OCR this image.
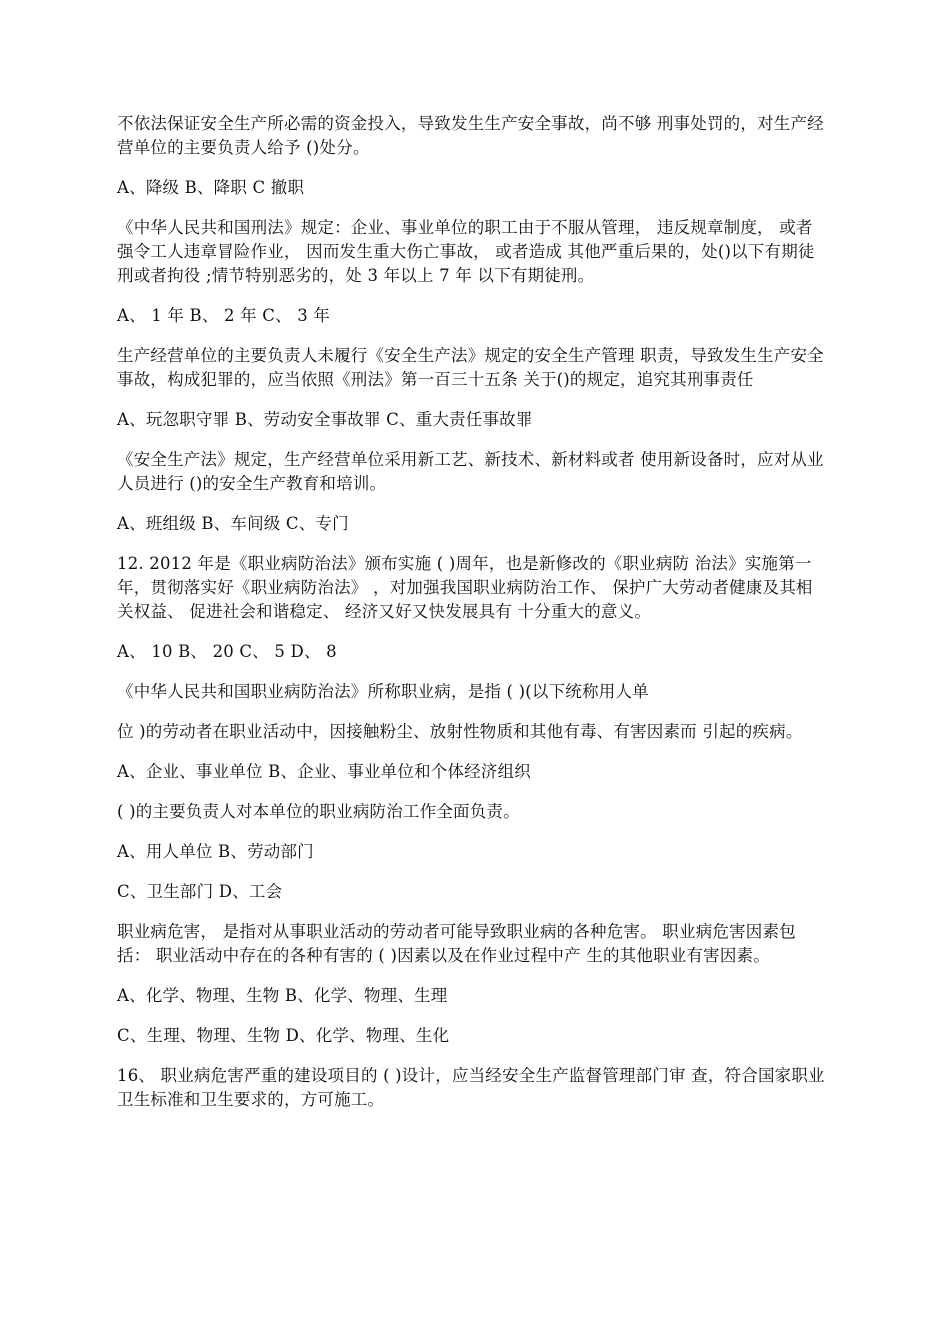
不依法保证安全生产所必需的资金投入，导致发生生产安全事故，尚不够 刑事处罚的，对生产经营单位的主要负责人给予 ()处分。

A、降级 B、降职 C 撤职

《中华人民共和国刑法》规定：企业、事业单位的职工由于不服从管理， 违反规章制度， 或者强令工人违章冒险作业， 因而发生重大伤亡事故， 或者造成 其他严重后果的，处()以下有期徒刑或者拘役 ;情节特别恶劣的，处 3 年以上 7 年 以下有期徒刑。

A、 1 年 B、 2 年 C、 3 年

生产经营单位的主要负责人未履行《安全生产法》规定的安全生产管理 职责，导致发生生产安全事故，构成犯罪的，应当依照《刑法》第一百三十五条 关于()的规定，追究其刑事责任

A、玩忽职守罪 B、劳动安全事故罪 C、重大责任事故罪

《安全生产法》规定，生产经营单位采用新工艺、新技术、新材料或者 使用新设备时，应对从业人员进行 ()的安全生产教育和培训。

A、班组级 B、车间级 C、专门

12. 2012 年是《职业病防治法》颁布实施 ( )周年，也是新修改的《职业病防 治法》实施第一年，贯彻落实好《职业病防治法》 ，对加强我国职业病防治工作、 保护广大劳动者健康及其相关权益、 促进社会和谐稳定、 经济又好又快发展具有 十分重大的意义。

A、 10 B、 20 C、 5 D、 8

《中华人民共和国职业病防治法》所称职业病，是指 ( )(以下统称用人单

位 )的劳动者在职业活动中，因接触粉尘、放射性物质和其他有毒、有害因素而 引起的疾病。

A、企业、事业单位 B、企业、事业单位和个体经济组织

( )的主要负责人对本单位的职业病防治工作全面负责。

A、用人单位 B、劳动部门

C、卫生部门 D、工会

职业病危害， 是指对从事职业活动的劳动者可能导致职业病的各种危害。 职业病危害因素包括： 职业活动中存在的各种有害的 ( )因素以及在作业过程中产 生的其他职业有害因素。

A、化学、物理、生物 B、化学、物理、生理

C、生理、物理、生物 D、化学、物理、生化

16、 职业病危害严重的建设项目的 ( )设计，应当经安全生产监督管理部门审 查，符合国家职业卫生标准和卫生要求的，方可施工。
